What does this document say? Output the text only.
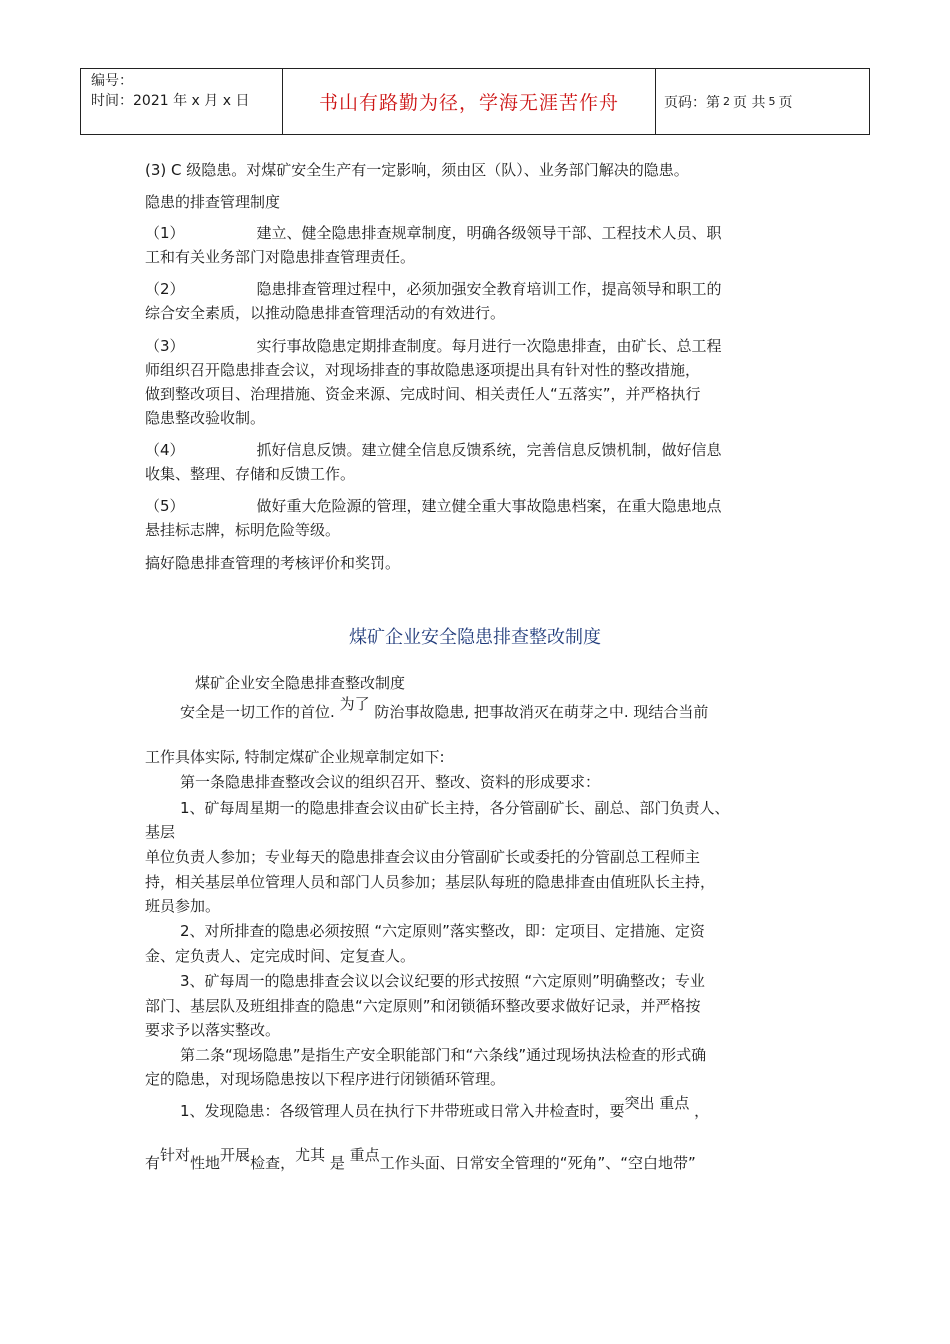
编号：
时间：2021 年 x 月 x 日	书山有路勤为径，学海无涯苦作舟	页码：第 2 页 共 5 页
(3) C 级隐患。对煤矿安全生产有一定影响，须由区（队）、业务部门解决的隐患。
隐患的排查管理制度
（1）	建立、健全隐患排查规章制度，明确各级领导干部、工程技术人员、职
工和有关业务部门对隐患排查管理责任。
（2）	隐患排查管理过程中，必须加强安全教育培训工作，提高领导和职工的
综合安全素质，以推动隐患排查管理活动的有效进行。
（3）	实行事故隐患定期排查制度。每月进行一次隐患排查，由矿长、总工程
师组织召开隐患排查会议，对现场排查的事故隐患逐项提出具有针对性的整改措施，
做到整改项目、治理措施、资金来源、完成时间、相关责任人“五落实”，并严格执行
隐患整改验收制。
（4）	抓好信息反馈。建立健全信息反馈系统，完善信息反馈机制，做好信息
收集、整理、存储和反馈工作。
（5）	做好重大危险源的管理，建立健全重大事故隐患档案，在重大隐患地点
悬挂标志牌，标明危险等级。
搞好隐患排查管理的考核评价和奖罚。
煤矿企业安全隐患排查整改制度
煤矿企业安全隐患排查整改制度
安全是一切工作的首位. 为了 防治事故隐患, 把事故消灭在萌芽之中. 现结合当前
工作具体实际, 特制定煤矿企业规章制定如下:
第一条隐患排查整改会议的组织召开、整改、资料的形成要求：
1、矿每周星期一的隐患排查会议由矿长主持，各分管副矿长、副总、部门负责人、
基层
单位负责人参加；专业每天的隐患排查会议由分管副矿长或委托的分管副总工程师主
持，相关基层单位管理人员和部门人员参加；基层队每班的隐患排查由值班队长主持，
班员参加。
2、对所排查的隐患必须按照 “六定原则”落实整改，即：定项目、定措施、定资
金、定负责人、定完成时间、定复查人。
3、矿每周一的隐患排查会议以会议纪要的形式按照 “六定原则”明确整改；专业
部门、基层队及班组排查的隐患“六定原则”和闭锁循环整改要求做好记录，并严格按
要求予以落实整改。
第二条“现场隐患”是指生产安全职能部门和“六条线”通过现场执法检查的形式确
定的隐患，对现场隐患按以下程序进行闭锁循环管理。
1、发现隐患：各级管理人员在执行下井带班或日常入井检查时，要突出 重点 ，
有针对性地开展检查，尤其 是 重点工作头面、日常安全管理的“死角”、“空白地带”
